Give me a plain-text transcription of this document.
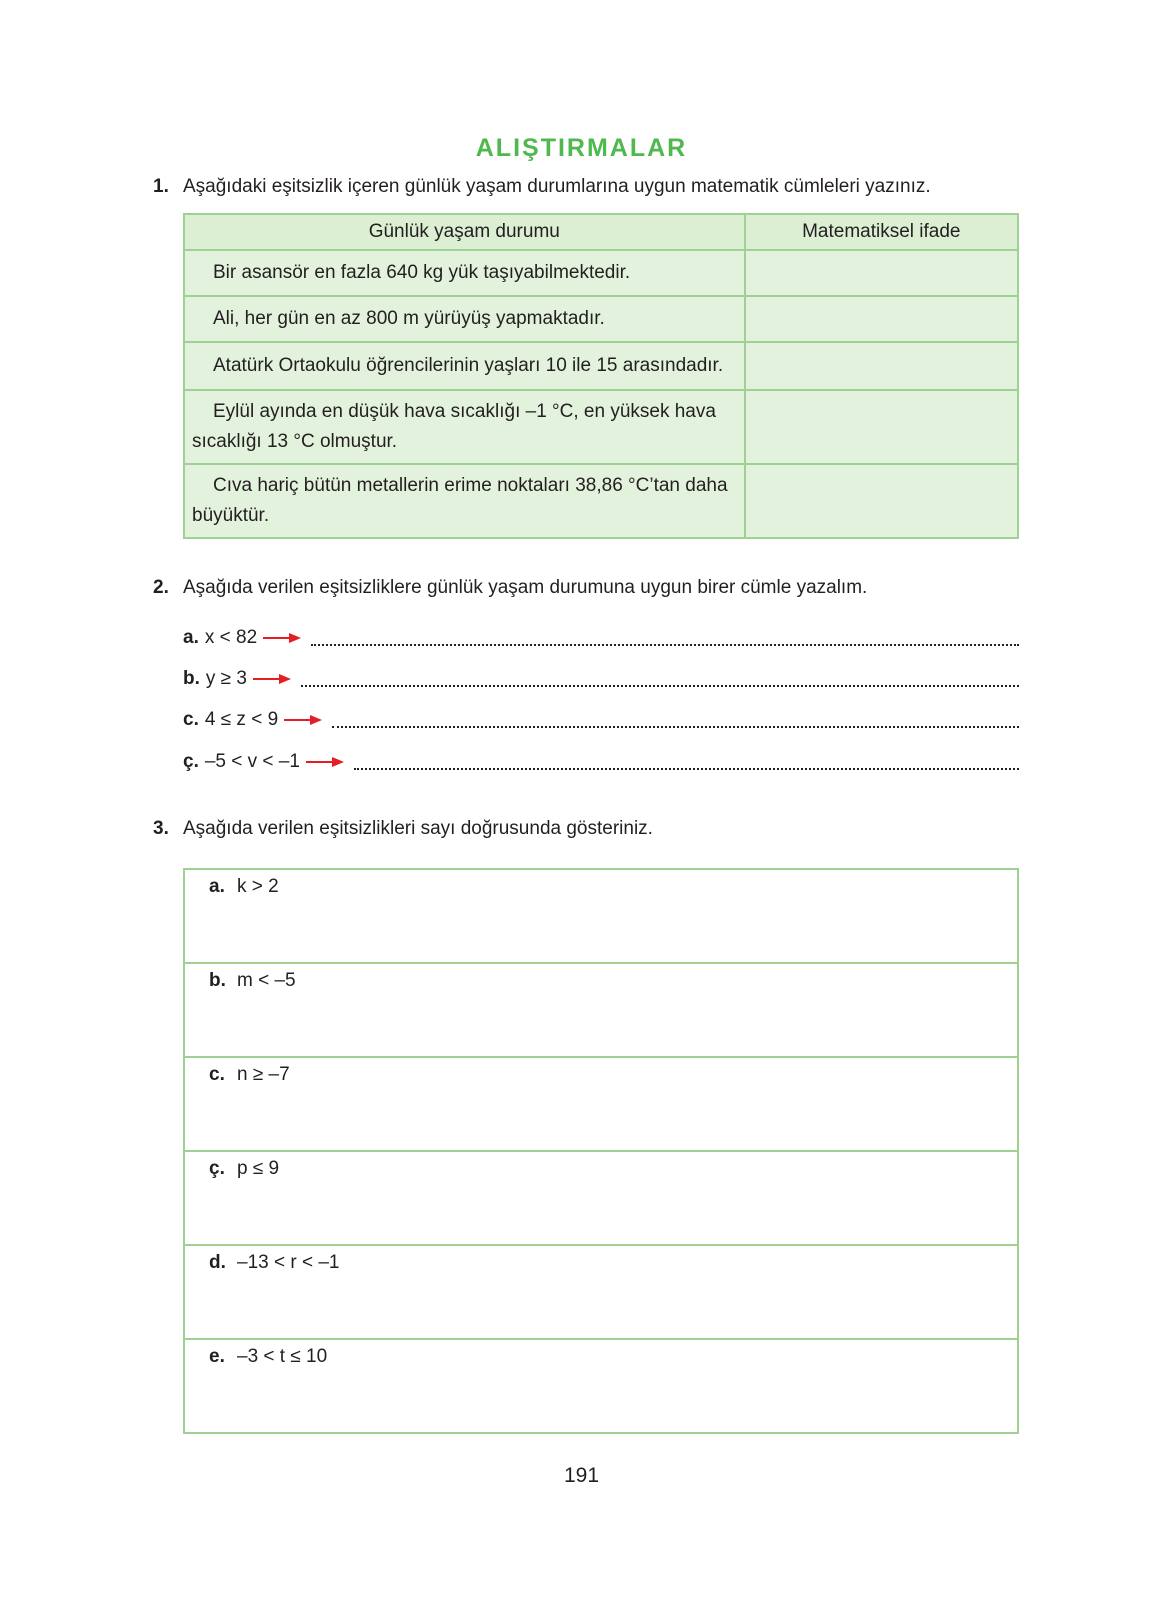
ALIŞTIRMALAR
1. Aşağıdaki eşitsizlik içeren günlük yaşam durumlarına uygun matematik cümleleri yazınız.
Günlük yaşam durumu	Matematiksel ifade
Bir asansör en fazla 640 kg yük taşıyabilmektedir.	
Ali, her gün en az 800 m yürüyüş yapmaktadır.	
Atatürk Ortaokulu öğrencilerinin yaşları 10 ile 15 arasındadır.	
Eylül ayında en düşük hava sıcaklığı –1 °C, en yüksek hava
sıcaklığı 13 °C olmuştur.	
Cıva hariç bütün metallerin erime noktaları 38,86 °C’tan daha
büyüktür.	
2. Aşağıda verilen eşitsizliklere günlük yaşam durumuna uygun birer cümle yazalım.
a. x < 82
b. y ≥ 3
c. 4 ≤ z < 9
ç. –5 < v < –1
3. Aşağıda verilen eşitsizlikleri sayı doğrusunda gösteriniz.
a. k > 2
b. m < –5
c. n ≥ –7
ç. p ≤ 9
d. –13 < r < –1
e. –3 < t ≤ 10
191
